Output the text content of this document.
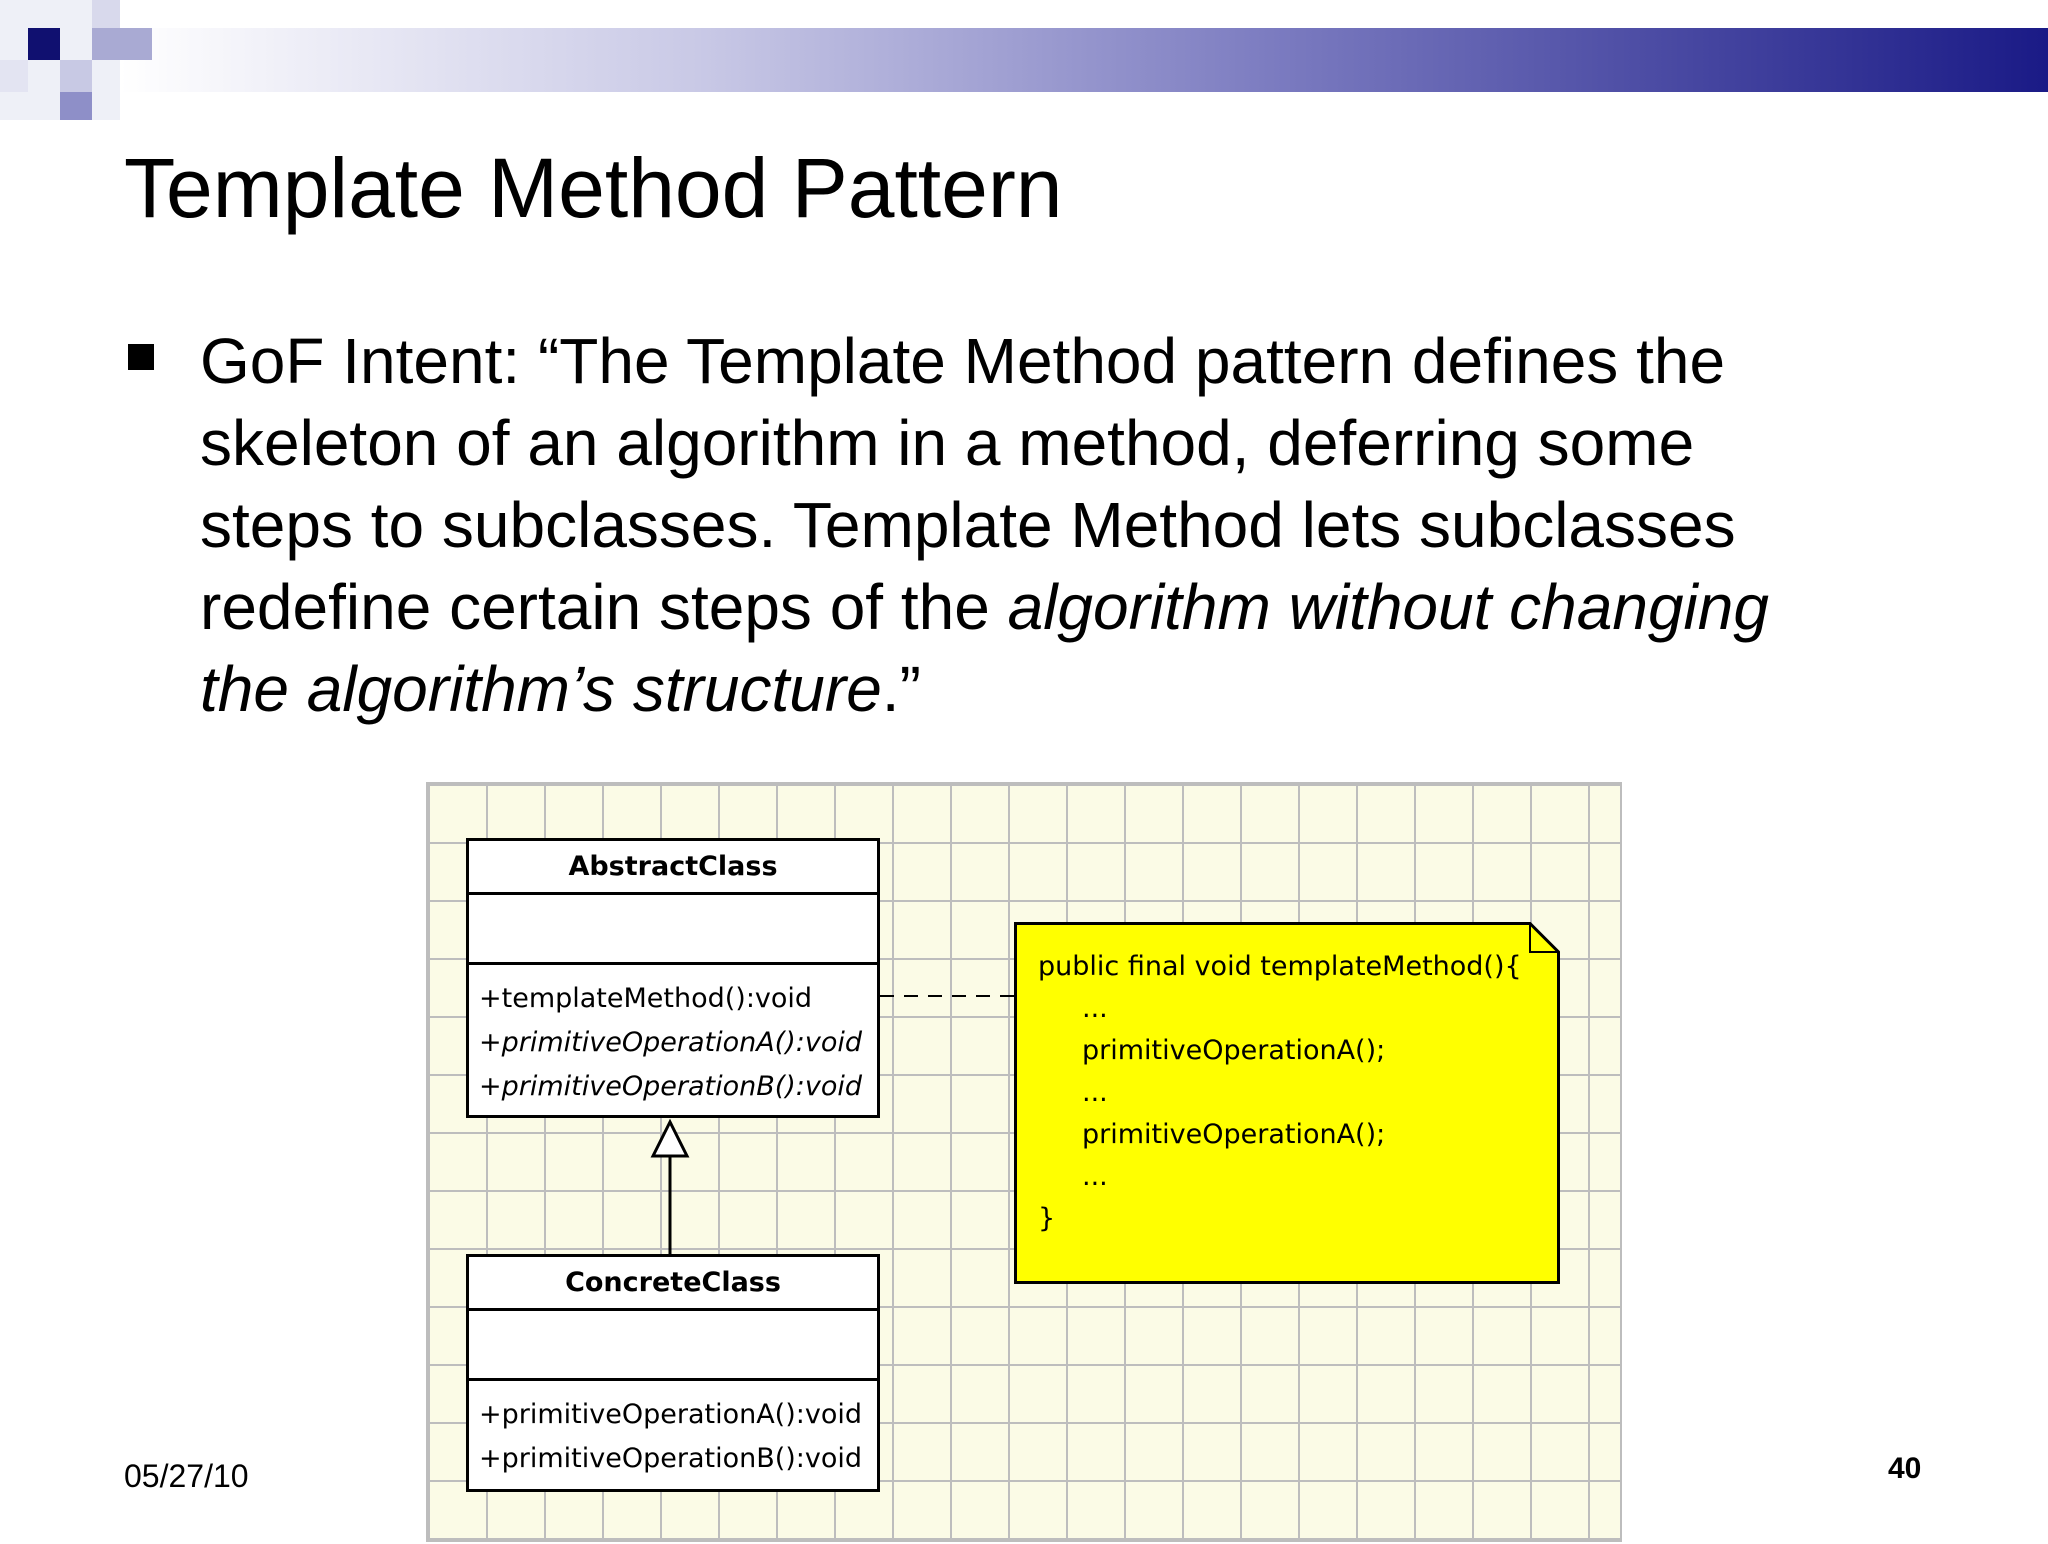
Template Method Pattern
GoF Intent: “The Template Method pattern defines the
skeleton of an algorithm in a method, deferring some
steps to subclasses. Template Method lets subclasses
redefine certain steps of the algorithm without changing
the algorithm’s structure.”
AbstractClass
+templateMethod():void
+primitiveOperationA():void
+primitiveOperationB():void
ConcreteClass
+primitiveOperationA():void
+primitiveOperationB():void
public final void templateMethod(){
...
primitiveOperationA();
...
primitiveOperationA();
...
}
05/27/10	40
